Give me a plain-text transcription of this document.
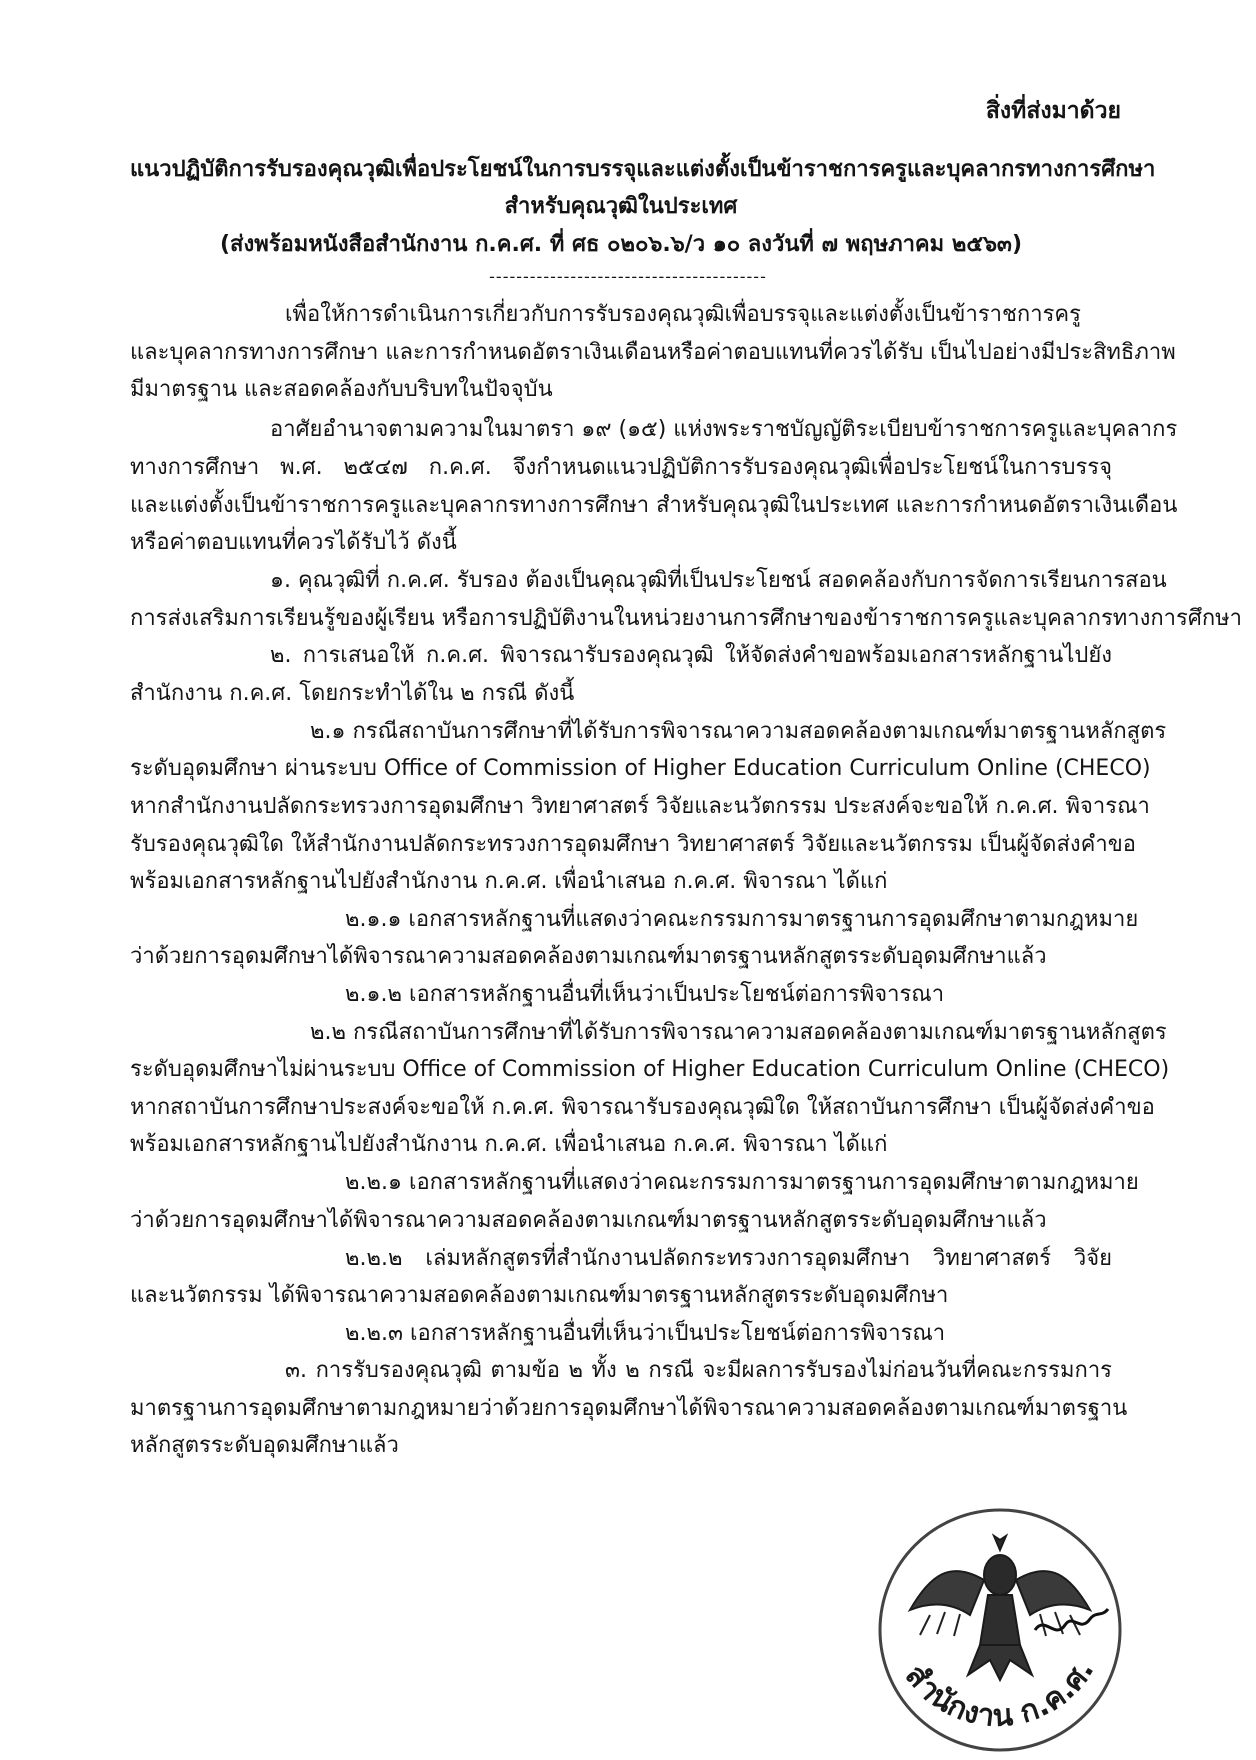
สิ่งที่ส่งมาด้วย
แนวปฏิบัติการรับรองคุณวุฒิเพื่อประโยชน์ในการบรรจุและแต่งตั้งเป็นข้าราชการครูและบุคลากรทางการศึกษา
สำหรับคุณวุฒิในประเทศ
(ส่งพร้อมหนังสือสำนักงาน ก.ค.ศ. ที่ ศธ ๐๒๐๖.๖/ว ๑๐ ลงวันที่ ๗ พฤษภาคม ๒๕๖๓)
-----------------------------------------
เพื่อให้การดำเนินการเกี่ยวกับการรับรองคุณวุฒิเพื่อบรรจุและแต่งตั้งเป็นข้าราชการครู
และบุคลากรทางการศึกษา และการกำหนดอัตราเงินเดือนหรือค่าตอบแทนที่ควรได้รับ เป็นไปอย่างมีประสิทธิภาพ
มีมาตรฐาน และสอดคล้องกับบริบทในปัจจุบัน
อาศัยอำนาจตามความในมาตรา ๑๙ (๑๕) แห่งพระราชบัญญัติระเบียบข้าราชการครูและบุคลากร
ทางการศึกษา พ.ศ. ๒๕๔๗ ก.ค.ศ. จึงกำหนดแนวปฏิบัติการรับรองคุณวุฒิเพื่อประโยชน์ในการบรรจุ
และแต่งตั้งเป็นข้าราชการครูและบุคลากรทางการศึกษา สำหรับคุณวุฒิในประเทศ และการกำหนดอัตราเงินเดือน
หรือค่าตอบแทนที่ควรได้รับไว้ ดังนี้
๑. คุณวุฒิที่ ก.ค.ศ. รับรอง ต้องเป็นคุณวุฒิที่เป็นประโยชน์ สอดคล้องกับการจัดการเรียนการสอน
การส่งเสริมการเรียนรู้ของผู้เรียน หรือการปฏิบัติงานในหน่วยงานการศึกษาของข้าราชการครูและบุคลากรทางการศึกษา
๒. การเสนอให้ ก.ค.ศ. พิจารณารับรองคุณวุฒิ ให้จัดส่งคำขอพร้อมเอกสารหลักฐานไปยัง
สำนักงาน ก.ค.ศ. โดยกระทำได้ใน ๒ กรณี ดังนี้
๒.๑ กรณีสถาบันการศึกษาที่ได้รับการพิจารณาความสอดคล้องตามเกณฑ์มาตรฐานหลักสูตร
ระดับอุดมศึกษา ผ่านระบบ Office of Commission of Higher Education Curriculum Online (CHECO)
หากสำนักงานปลัดกระทรวงการอุดมศึกษา วิทยาศาสตร์ วิจัยและนวัตกรรม ประสงค์จะขอให้ ก.ค.ศ. พิจารณา
รับรองคุณวุฒิใด ให้สำนักงานปลัดกระทรวงการอุดมศึกษา วิทยาศาสตร์ วิจัยและนวัตกรรม เป็นผู้จัดส่งคำขอ
พร้อมเอกสารหลักฐานไปยังสำนักงาน ก.ค.ศ. เพื่อนำเสนอ ก.ค.ศ. พิจารณา ได้แก่
๒.๑.๑ เอกสารหลักฐานที่แสดงว่าคณะกรรมการมาตรฐานการอุดมศึกษาตามกฎหมาย
ว่าด้วยการอุดมศึกษาได้พิจารณาความสอดคล้องตามเกณฑ์มาตรฐานหลักสูตรระดับอุดมศึกษาแล้ว
๒.๑.๒ เอกสารหลักฐานอื่นที่เห็นว่าเป็นประโยชน์ต่อการพิจารณา
๒.๒ กรณีสถาบันการศึกษาที่ได้รับการพิจารณาความสอดคล้องตามเกณฑ์มาตรฐานหลักสูตร
ระดับอุดมศึกษาไม่ผ่านระบบ Office of Commission of Higher Education Curriculum Online (CHECO)
หากสถาบันการศึกษาประสงค์จะขอให้ ก.ค.ศ. พิจารณารับรองคุณวุฒิใด ให้สถาบันการศึกษา เป็นผู้จัดส่งคำขอ
พร้อมเอกสารหลักฐานไปยังสำนักงาน ก.ค.ศ. เพื่อนำเสนอ ก.ค.ศ. พิจารณา ได้แก่
๒.๒.๑ เอกสารหลักฐานที่แสดงว่าคณะกรรมการมาตรฐานการอุดมศึกษาตามกฎหมาย
ว่าด้วยการอุดมศึกษาได้พิจารณาความสอดคล้องตามเกณฑ์มาตรฐานหลักสูตรระดับอุดมศึกษาแล้ว
๒.๒.๒ เล่มหลักสูตรที่สำนักงานปลัดกระทรวงการอุดมศึกษา วิทยาศาสตร์ วิจัย
และนวัตกรรม ได้พิจารณาความสอดคล้องตามเกณฑ์มาตรฐานหลักสูตรระดับอุดมศึกษา
๒.๒.๓ เอกสารหลักฐานอื่นที่เห็นว่าเป็นประโยชน์ต่อการพิจารณา
๓. การรับรองคุณวุฒิ ตามข้อ ๒ ทั้ง ๒ กรณี จะมีผลการรับรองไม่ก่อนวันที่คณะกรรมการ
มาตรฐานการอุดมศึกษาตามกฎหมายว่าด้วยการอุดมศึกษาได้พิจารณาความสอดคล้องตามเกณฑ์มาตรฐาน
หลักสูตรระดับอุดมศึกษาแล้ว
สำนักงาน ก.ค.ศ.
